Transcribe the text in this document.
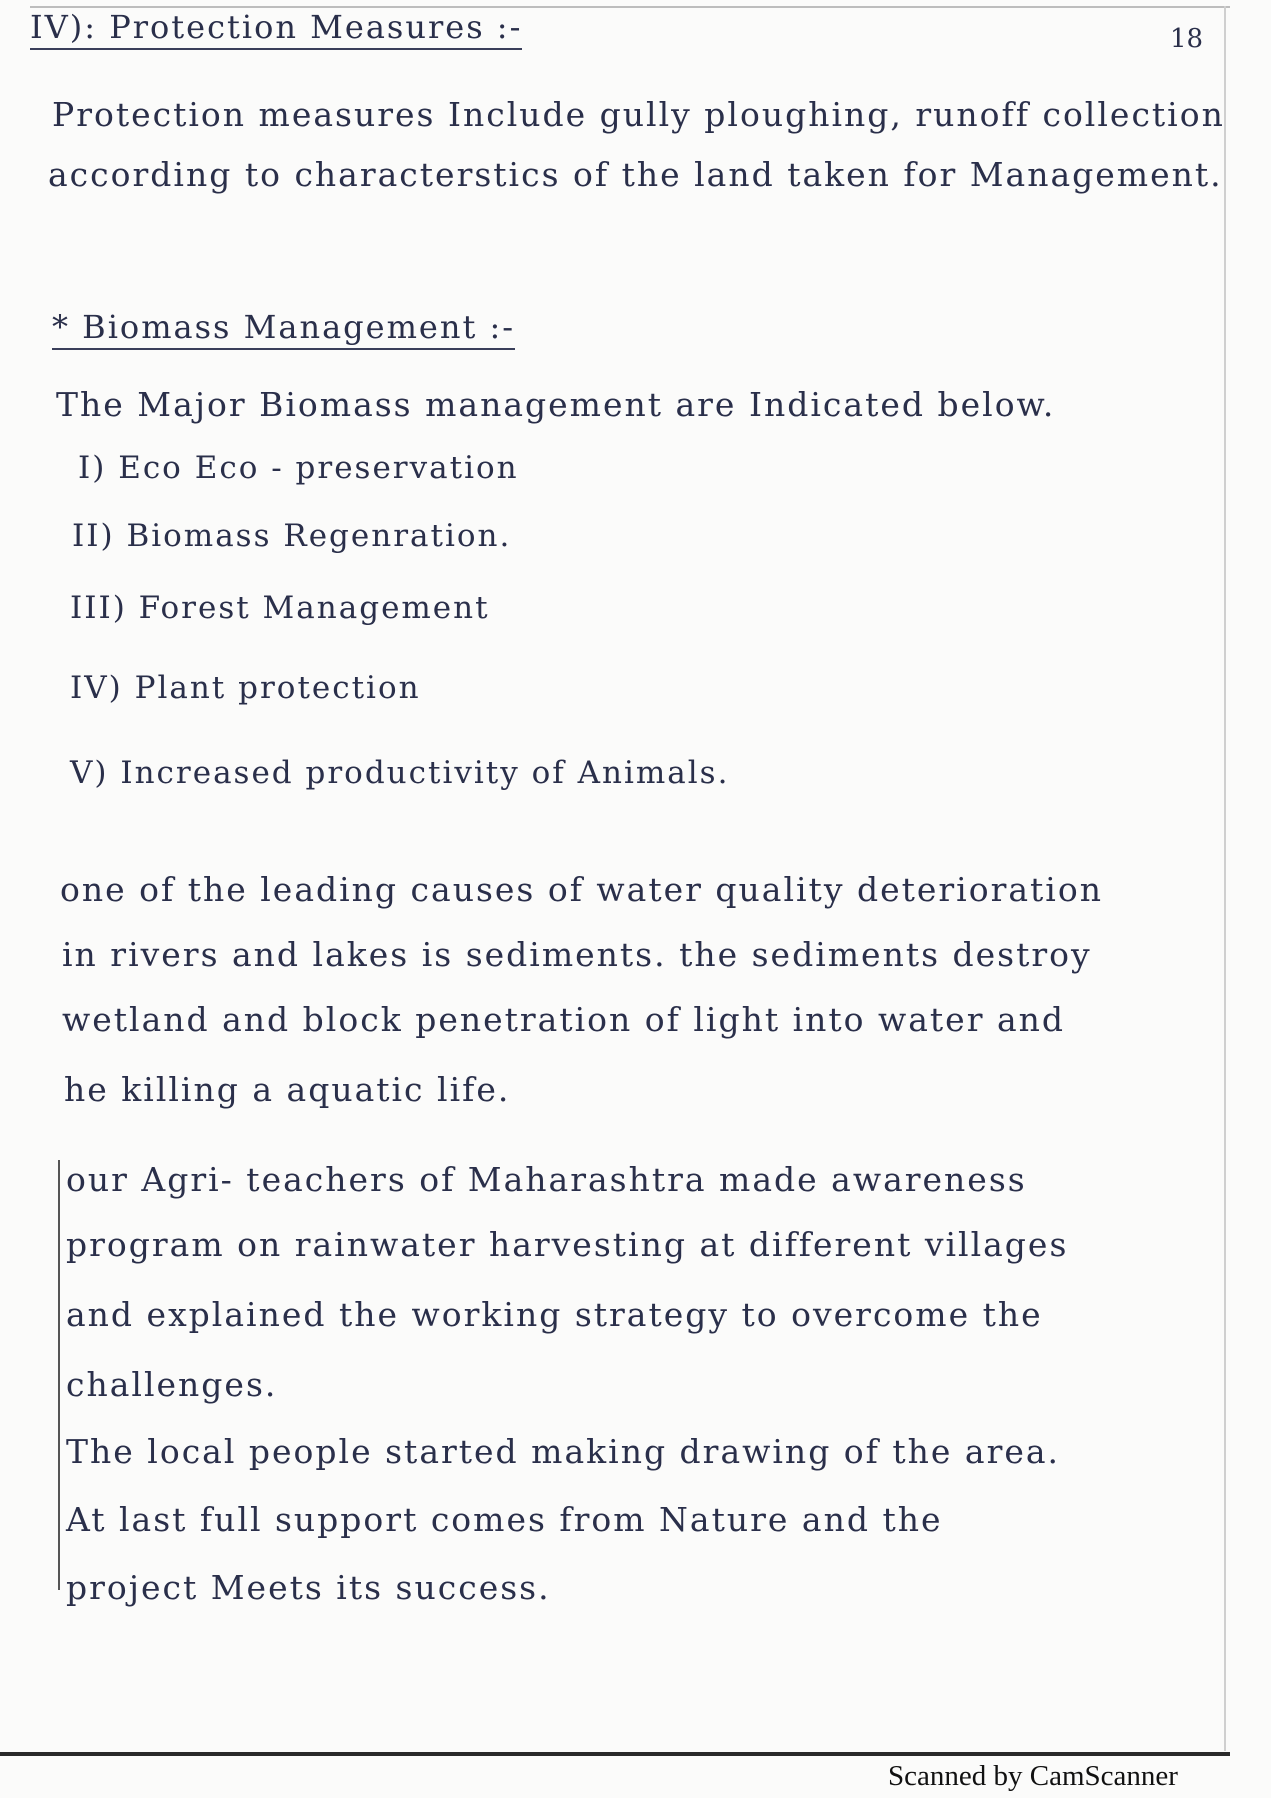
18
IV): Protection Measures :-
Protection measures Include gully ploughing, runoff collection
according to characterstics of the land taken for Management.
* Biomass Management :-
The Major Biomass management are Indicated below.
I) Eco Eco - preservation
II) Biomass Regenration.
III) Forest Management
IV) Plant protection
V) Increased productivity of Animals.
one of the leading causes of water quality deterioration
in rivers and lakes is sediments. the sediments destroy
wetland and block penetration of light into water and
he killing a aquatic life.
our Agri- teachers of Maharashtra made awareness
program on rainwater harvesting at different villages
and explained the working strategy to overcome the
challenges.
The local people started making drawing of the area.
At last full support comes from Nature and the
project Meets its success.
Scanned by CamScanner
